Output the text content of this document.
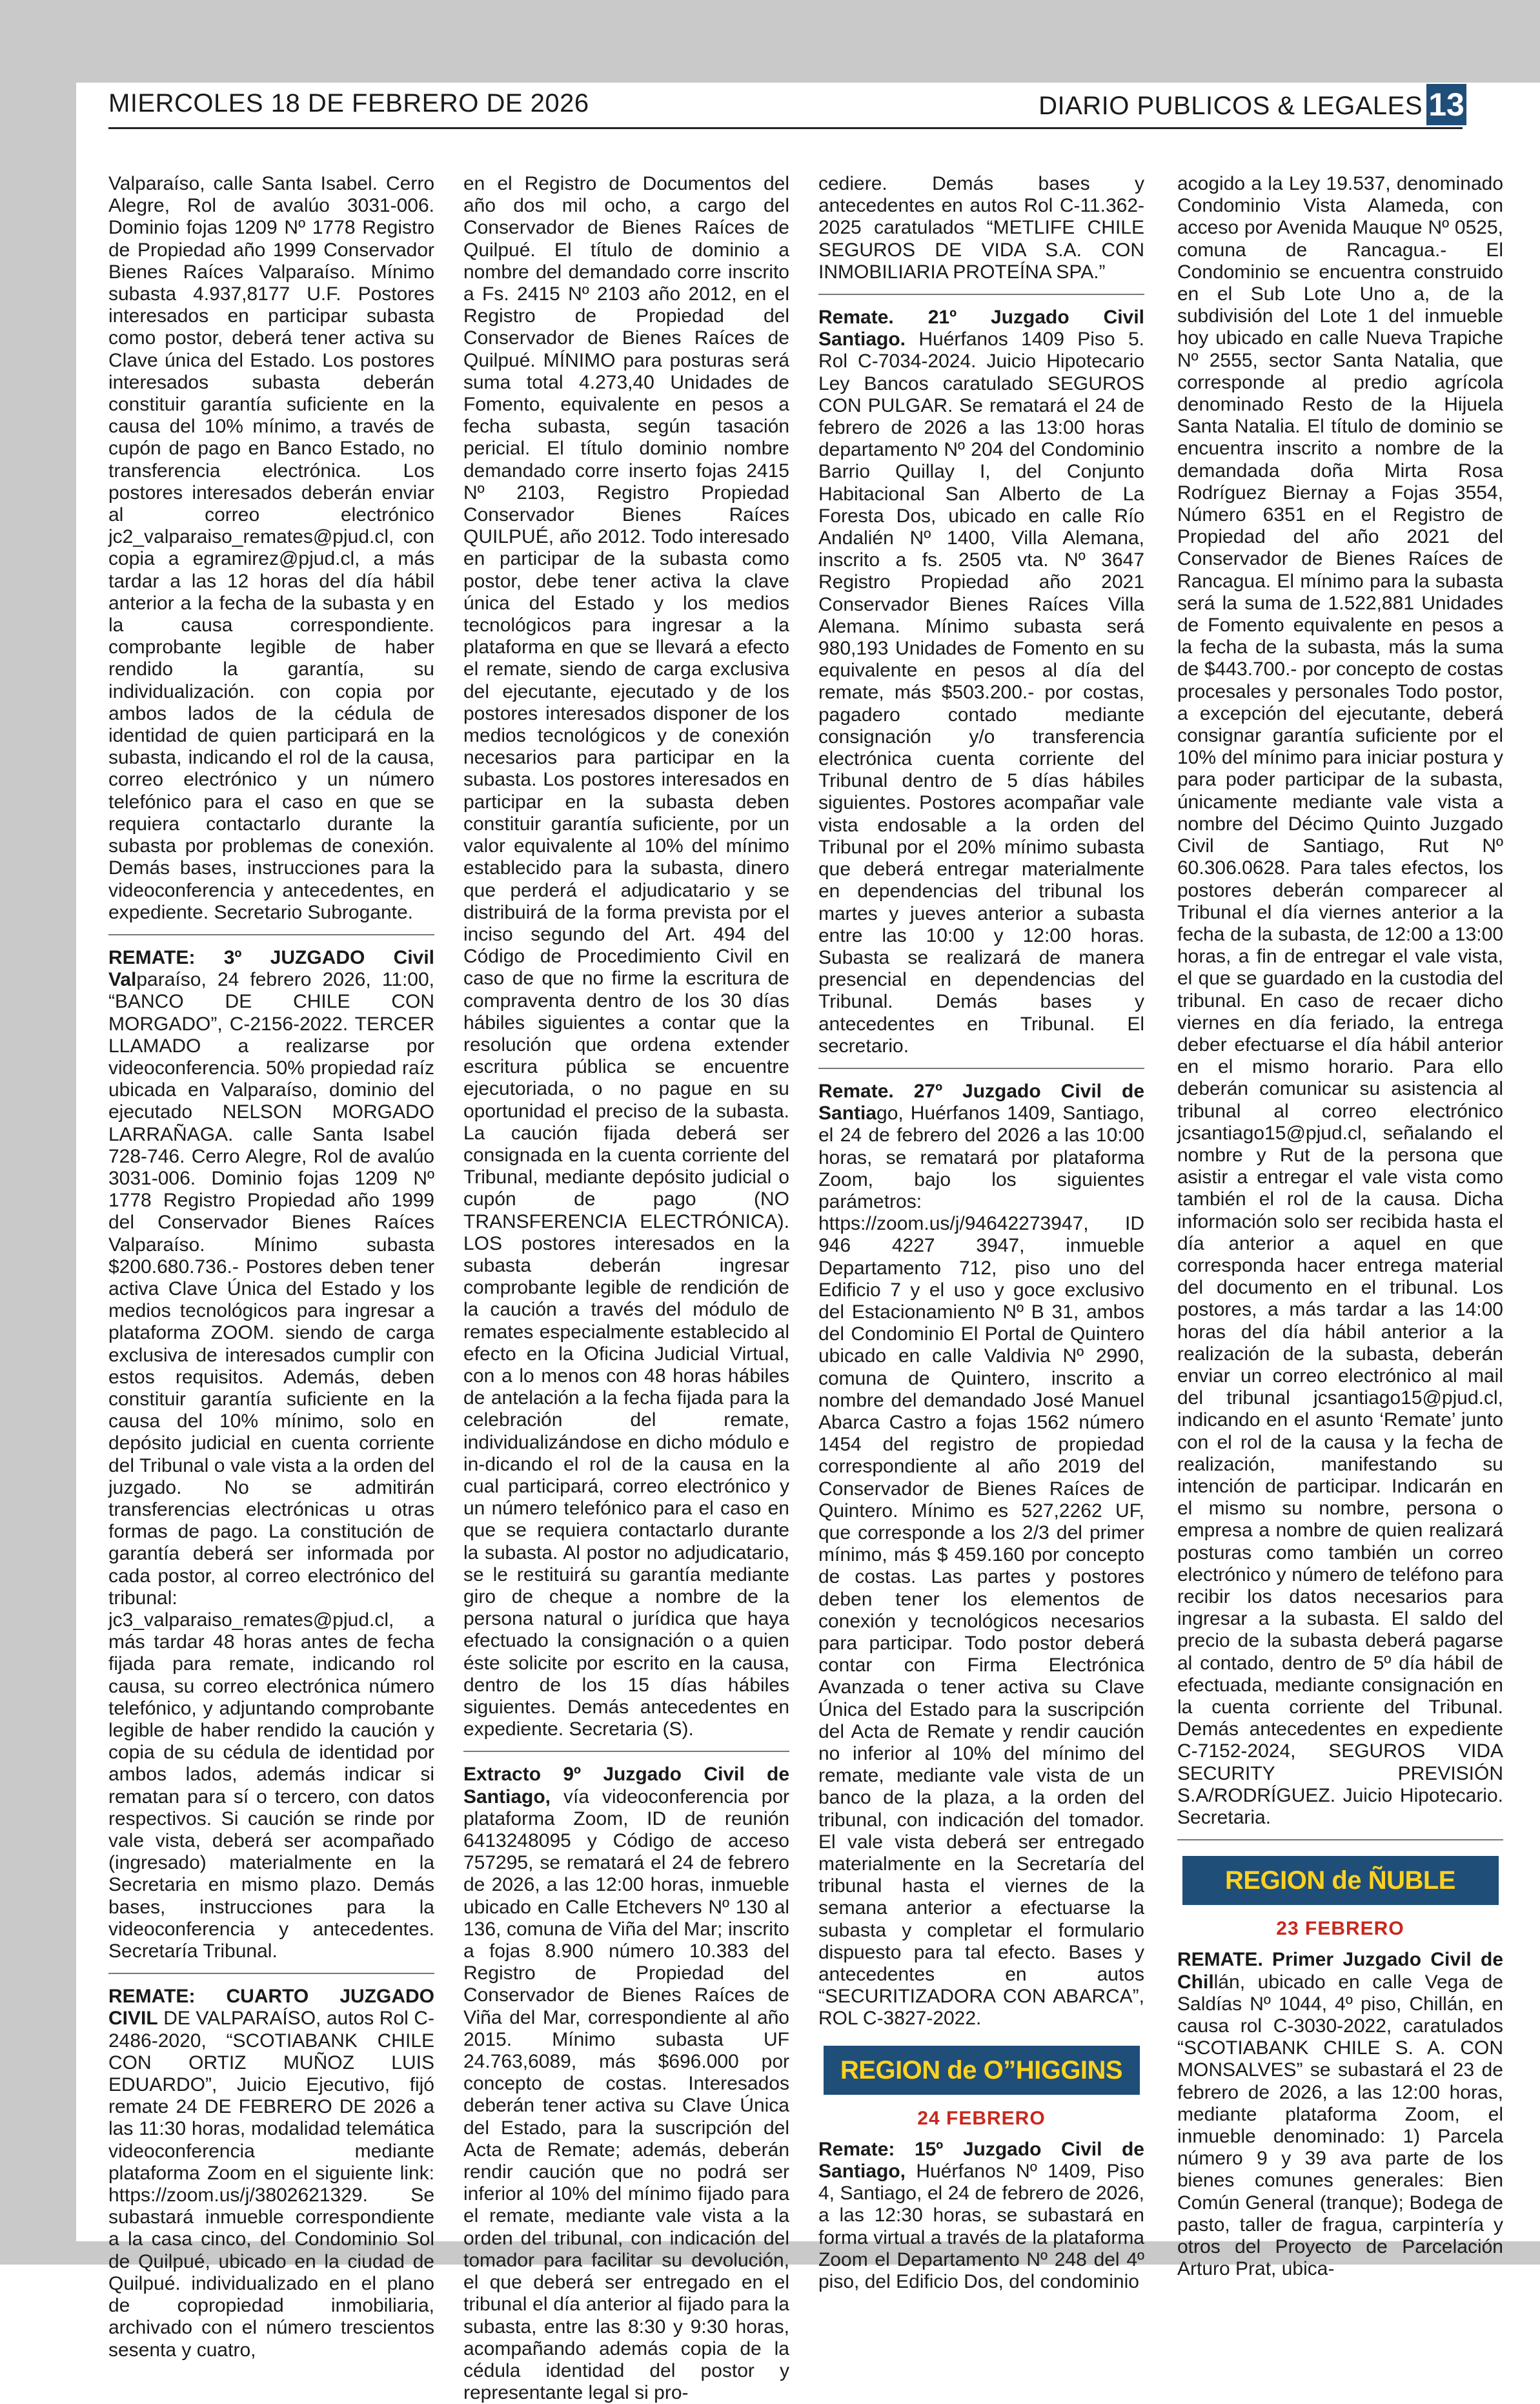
MIERCOLES 18 DE FEBRERO DE 2026	DIARIO PUBLICOS & LEGALES 13

Valparaíso, calle Santa Isabel. Cerro Alegre, Rol de avalúo 3031-006. Dominio fojas 1209 Nº 1778 Registro de Propiedad año 1999 Conservador Bienes Raíces Valparaíso. Mínimo subasta 4.937,8177 U.F. Postores interesados en participar subasta como postor, deberá tener activa su Clave única del Estado. Los postores interesados subasta deberán constituir garantía suficiente en la causa del 10% mínimo, a través de cupón de pago en Banco Estado, no transferencia electrónica. Los postores interesados deberán enviar al correo electrónico jc2_valparaiso_remates@pjud.cl, con copia a egramirez@pjud.cl, a más tardar a las 12 horas del día hábil anterior a la fecha de la subasta y en la causa correspondiente. comprobante legible de haber rendido la garantía, su individualización. con copia por ambos lados de la cédula de identidad de quien participará en la subasta, indicando el rol de la causa, correo electrónico y un número telefónico para el caso en que se requiera contactarlo durante la subasta por problemas de conexión. Demás bases, instrucciones para la videoconferencia y antecedentes, en expediente. Secretario Subrogante.

REMATE: 3º JUZGADO Civil Valparaíso, 24 febrero 2026, 11:00, “BANCO DE CHILE CON MORGADO”, C-2156-2022. TERCER LLAMADO a realizarse por videoconferencia. 50% propiedad raíz ubicada en Valparaíso, dominio del ejecutado NELSON MORGADO LARRAÑAGA. calle Santa Isabel 728-746. Cerro Alegre, Rol de avalúo 3031-006. Dominio fojas 1209 Nº 1778 Registro Propiedad año 1999 del Conservador Bienes Raíces Valparaíso. Mínimo subasta $200.680.736.- Postores deben tener activa Clave Única del Estado y los medios tecnológicos para ingresar a plataforma ZOOM. siendo de carga exclusiva de interesados cumplir con estos requisitos. Además, deben constituir garantía suficiente en la causa del 10% mínimo, solo en depósito judicial en cuenta corriente del Tribunal o vale vista a la orden del juzgado. No se admitirán transferencias electrónicas u otras formas de pago. La constitución de garantía deberá ser informada por cada postor, al correo electrónico del tribunal: jc3_valparaiso_remates@pjud.cl, a más tardar 48 horas antes de fecha fijada para remate, indicando rol causa, su correo electrónica número telefónico, y adjuntando comprobante legible de haber rendido la caución y copia de su cédula de identidad por ambos lados, además indicar si rematan para sí o tercero, con datos respectivos. Si caución se rinde por vale vista, deberá ser acompañado (ingresado) materialmente en la Secretaria en mismo plazo. Demás bases, instrucciones para la videoconferencia y antecedentes. Secretaría Tribunal.

REMATE: CUARTO JUZGADO CIVIL DE VALPARAÍSO, autos Rol C-2486-2020, “SCOTIABANK CHILE CON ORTIZ MUÑOZ LUIS EDUARDO”, Juicio Ejecutivo, fijó remate 24 DE FEBRERO DE 2026 a las 11:30 horas, modalidad telemática videoconferencia mediante plataforma Zoom en el siguiente link: https://zoom.us/j/3802621329. Se subastará inmueble correspondiente a la casa cinco, del Condominio Sol de Quilpué, ubicado en la ciudad de Quilpué. individualizado en el plano de copropiedad inmobiliaria, archivado con el número trescientos sesenta y cuatro,

en el Registro de Documentos del año dos mil ocho, a cargo del Conservador de Bienes Raíces de Quilpué. El título de dominio a nombre del demandado corre inscrito a Fs. 2415 Nº 2103 año 2012, en el Registro de Propiedad del Conservador de Bienes Raíces de Quilpué. MÍNIMO para posturas será suma total 4.273,40 Unidades de Fomento, equivalente en pesos a fecha subasta, según tasación pericial. El título dominio nombre demandado corre inserto fojas 2415 Nº 2103, Registro Propiedad Conservador Bienes Raíces QUILPUÉ, año 2012. Todo interesado en participar de la subasta como postor, debe tener activa la clave única del Estado y los medios tecnológicos para ingresar a la plataforma en que se llevará a efecto el remate, siendo de carga exclusiva del ejecutante, ejecutado y de los postores interesados disponer de los medios tecnológicos y de conexión necesarios para participar en la subasta. Los postores interesados en participar en la subasta deben constituir garantía suficiente, por un valor equivalente al 10% del mínimo establecido para la subasta, dinero que perderá el adjudicatario y se distribuirá de la forma prevista por el inciso segundo del Art. 494 del Código de Procedimiento Civil en caso de que no firme la escritura de compraventa dentro de los 30 días hábiles siguientes a contar que la resolución que ordena extender escritura pública se encuentre ejecutoriada, o no pague en su oportunidad el preciso de la subasta. La caución fijada deberá ser consignada en la cuenta corriente del Tribunal, mediante depósito judicial o cupón de pago (NO TRANSFERENCIA ELECTRÓNICA). LOS postores interesados en la subasta deberán ingresar comprobante legible de rendición de la caución a través del módulo de remates especialmente establecido al efecto en la Oficina Judicial Virtual, con a lo menos con 48 horas hábiles de antelación a la fecha fijada para la celebración del remate, individualizándose en dicho módulo e in-dicando el rol de la causa en la cual participará, correo electrónico y un número telefónico para el caso en que se requiera contactarlo durante la subasta. Al postor no adjudicatario, se le restituirá su garantía mediante giro de cheque a nombre de la persona natural o jurídica que haya efectuado la consignación o a quien éste solicite por escrito en la causa, dentro de los 15 días hábiles siguientes. Demás antecedentes en expediente. Secretaria (S).

Extracto 9º Juzgado Civil de Santiago, vía videoconferencia por plataforma Zoom, ID de reunión 6413248095 y Código de acceso 757295, se rematará el 24 de febrero de 2026, a las 12:00 horas, inmueble ubicado en Calle Etchevers Nº 130 al 136, comuna de Viña del Mar; inscrito a fojas 8.900 número 10.383 del Registro de Propiedad del Conservador de Bienes Raíces de Viña del Mar, correspondiente al año 2015. Mínimo subasta UF 24.763,6089, más $696.000 por concepto de costas. Interesados deberán tener activa su Clave Única del Estado, para la suscripción del Acta de Remate; además, deberán rendir caución que no podrá ser inferior al 10% del mínimo fijado para el remate, mediante vale vista a la orden del tribunal, con indicación del tomador para facilitar su devolución, el que deberá ser entregado en el tribunal el día anterior al fijado para la subasta, entre las 8:30 y 9:30 horas, acompañando además copia de la cédula identidad del postor y representante legal si pro-

cediere. Demás bases y antecedentes en autos Rol C-11.362-2025 caratulados “METLIFE CHILE SEGUROS DE VIDA S.A. CON INMOBILIARIA PROTEÍNA SPA.”

Remate. 21º Juzgado Civil Santiago. Huérfanos 1409 Piso 5. Rol C-7034-2024. Juicio Hipotecario Ley Bancos caratulado SEGUROS CON PULGAR. Se rematará el 24 de febrero de 2026 a las 13:00 horas departamento Nº 204 del Condominio Barrio Quillay I, del Conjunto Habitacional San Alberto de La Foresta Dos, ubicado en calle Río Andalién Nº 1400, Villa Alemana, inscrito a fs. 2505 vta. Nº 3647 Registro Propiedad año 2021 Conservador Bienes Raíces Villa Alemana. Mínimo subasta será 980,193 Unidades de Fomento en su equivalente en pesos al día del remate, más $503.200.- por costas, pagadero contado mediante consignación y/o transferencia electrónica cuenta corriente del Tribunal dentro de 5 días hábiles siguientes. Postores acompañar vale vista endosable a la orden del Tribunal por el 20% mínimo subasta que deberá entregar materialmente en dependencias del tribunal los martes y jueves anterior a subasta entre las 10:00 y 12:00 horas. Subasta se realizará de manera presencial en dependencias del Tribunal. Demás bases y antecedentes en Tribunal. El secretario.

Remate. 27º Juzgado Civil de Santiago, Huérfanos 1409, Santiago, el 24 de febrero del 2026 a las 10:00 horas, se rematará por plataforma Zoom, bajo los siguientes parámetros: https://zoom.us/j/94642273947, ID 946 4227 3947, inmueble Departamento 712, piso uno del Edificio 7 y el uso y goce exclusivo del Estacionamiento Nº B 31, ambos del Condominio El Portal de Quintero ubicado en calle Valdivia Nº 2990, comuna de Quintero, inscrito a nombre del demandado José Manuel Abarca Castro a fojas 1562 número 1454 del registro de propiedad correspondiente al año 2019 del Conservador de Bienes Raíces de Quintero. Mínimo es 527,2262 UF, que corresponde a los 2/3 del primer mínimo, más $ 459.160 por concepto de costas. Las partes y postores deben tener los elementos de conexión y tecnológicos necesarios para participar. Todo postor deberá contar con Firma Electrónica Avanzada o tener activa su Clave Única del Estado para la suscripción del Acta de Remate y rendir caución no inferior al 10% del mínimo del remate, mediante vale vista de un banco de la plaza, a la orden del tribunal, con indicación del tomador. El vale vista deberá ser entregado materialmente en la Secretaría del tribunal hasta el viernes de la semana anterior a efectuarse la subasta y completar el formulario dispuesto para tal efecto. Bases y antecedentes en autos “SECURITIZADORA CON ABARCA”, ROL C-3827-2022.

REGION de O”HIGGINS
24 FEBRERO

Remate: 15º Juzgado Civil de Santiago, Huérfanos Nº 1409, Piso 4, Santiago, el 24 de febrero de 2026, a las 12:30 horas, se subastará en forma virtual a través de la plataforma Zoom el Departamento Nº 248 del 4º piso, del Edificio Dos, del condominio

acogido a la Ley 19.537, denominado Condominio Vista Alameda, con acceso por Avenida Mauque Nº 0525, comuna de Rancagua.- El Condominio se encuentra construido en el Sub Lote Uno a, de la subdivisión del Lote 1 del inmueble hoy ubicado en calle Nueva Trapiche Nº 2555, sector Santa Natalia, que corresponde al predio agrícola denominado Resto de la Hijuela Santa Natalia. El título de dominio se encuentra inscrito a nombre de la demandada doña Mirta Rosa Rodríguez Biernay a Fojas 3554, Número 6351 en el Registro de Propiedad del año 2021 del Conservador de Bienes Raíces de Rancagua. El mínimo para la subasta será la suma de 1.522,881 Unidades de Fomento equivalente en pesos a la fecha de la subasta, más la suma de $443.700.- por concepto de costas procesales y personales Todo postor, a excepción del ejecutante, deberá consignar garantía suficiente por el 10% del mínimo para iniciar postura y para poder participar de la subasta, únicamente mediante vale vista a nombre del Décimo Quinto Juzgado Civil de Santiago, Rut Nº 60.306.0628. Para tales efectos, los postores deberán comparecer al Tribunal el día viernes anterior a la fecha de la subasta, de 12:00 a 13:00 horas, a fin de entregar el vale vista, el que se guardado en la custodia del tribunal. En caso de recaer dicho viernes en día feriado, la entrega deber efectuarse el día hábil anterior en el mismo horario. Para ello deberán comunicar su asistencia al tribunal al correo electrónico jcsantiago15@pjud.cl, señalando el nombre y Rut de la persona que asistir a entregar el vale vista como también el rol de la causa. Dicha información solo ser recibida hasta el día anterior a aquel en que corresponda hacer entrega material del documento en el tribunal. Los postores, a más tardar a las 14:00 horas del día hábil anterior a la realización de la subasta, deberán enviar un correo electrónico al mail del tribunal jcsantiago15@pjud.cl, indicando en el asunto ‘Remate’ junto con el rol de la causa y la fecha de realización, manifestando su intención de participar. Indicarán en el mismo su nombre, persona o empresa a nombre de quien realizará posturas como también un correo electrónico y número de teléfono para recibir los datos necesarios para ingresar a la subasta. El saldo del precio de la subasta deberá pagarse al contado, dentro de 5º día hábil de efectuada, mediante consignación en la cuenta corriente del Tribunal. Demás antecedentes en expediente C-7152-2024, SEGUROS VIDA SECURITY PREVISIÓN S.A/RODRÍGUEZ. Juicio Hipotecario. Secretaria.

REGION de ÑUBLE
23 FEBRERO

REMATE. Primer Juzgado Civil de Chillán, ubicado en calle Vega de Saldías Nº 1044, 4º piso, Chillán, en causa rol C-3030-2022, caratulados “SCOTIABANK CHILE S. A. CON MONSALVES” se subastará el 23 de febrero de 2026, a las 12:00 horas, mediante plataforma Zoom, el inmueble denominado: 1) Parcela número 9 y 39 ava parte de los bienes comunes generales: Bien Común General (tranque); Bodega de pasto, taller de fragua, carpintería y otros del Proyecto de Parcelación Arturo Prat, ubica-
